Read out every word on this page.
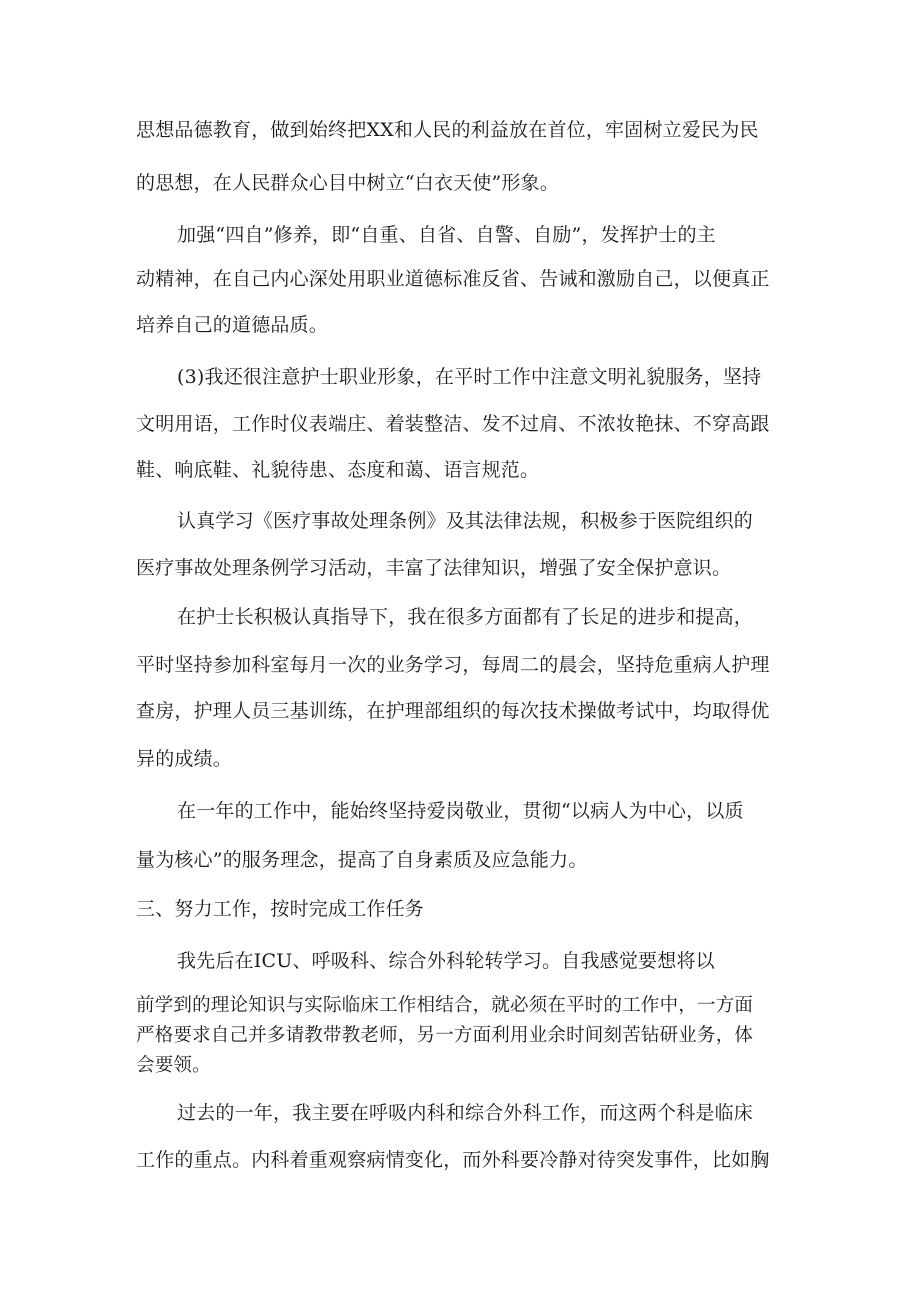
思想品德教育，做到始终把XX和人民的利益放在首位，牢固树立爱民为民

的思想，在人民群众心目中树立“白衣天使”形象。

加强“四自”修养，即“自重、自省、自警、自励”，发挥护士的主

动精神，在自己内心深处用职业道德标准反省、告诫和激励自己，以便真正

培养自己的道德品质。

(3)我还很注意护士职业形象，在平时工作中注意文明礼貌服务，坚持

文明用语，工作时仪表端庄、着装整洁、发不过肩、不浓妆艳抹、不穿高跟

鞋、响底鞋、礼貌待患、态度和蔼、语言规范。

认真学习《医疗事故处理条例》及其法律法规，积极参于医院组织的

医疗事故处理条例学习活动，丰富了法律知识，增强了安全保护意识。

在护士长积极认真指导下，我在很多方面都有了长足的进步和提高，

平时坚持参加科室每月一次的业务学习，每周二的晨会，坚持危重病人护理

查房，护理人员三基训练，在护理部组织的每次技术操做考试中，均取得优

异的成绩。

在一年的工作中，能始终坚持爱岗敬业，贯彻“以病人为中心，以质

量为核心”的服务理念，提高了自身素质及应急能力。

三、努力工作，按时完成工作任务

我先后在ICU、呼吸科、综合外科轮转学习。自我感觉要想将以

前学到的理论知识与实际临床工作相结合，就必须在平时的工作中，一方面

严格要求自己并多请教带教老师，另一方面利用业余时间刻苦钻研业务，体

会要领。

过去的一年，我主要在呼吸内科和综合外科工作，而这两个科是临床

工作的重点。内科着重观察病情变化，而外科要冷静对待突发事件，比如胸
